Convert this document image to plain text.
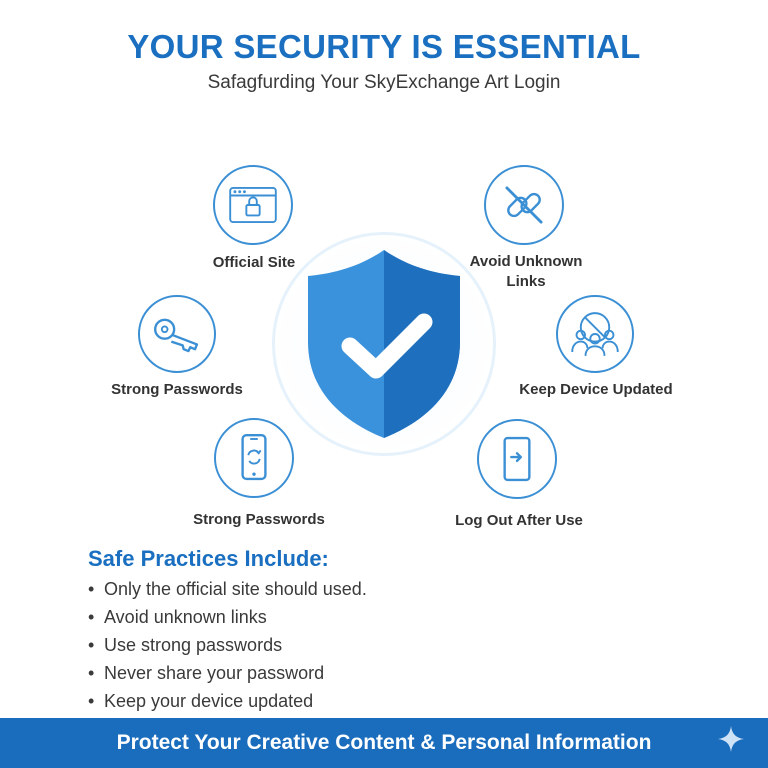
YOUR SECURITY IS ESSENTIAL
Safagfurding Your SkyExchange Art Login
Official Site	Avoid Unknown Links
Strong Passwords	Keep Device Updated
Strong Passwords	Log Out After Use
Safe Practices Include:
• Only the official site should used.
• Avoid unknown links
• Use strong passwords
• Never share your password
• Keep your device updated
Protect Your Creative Content & Personal Information
